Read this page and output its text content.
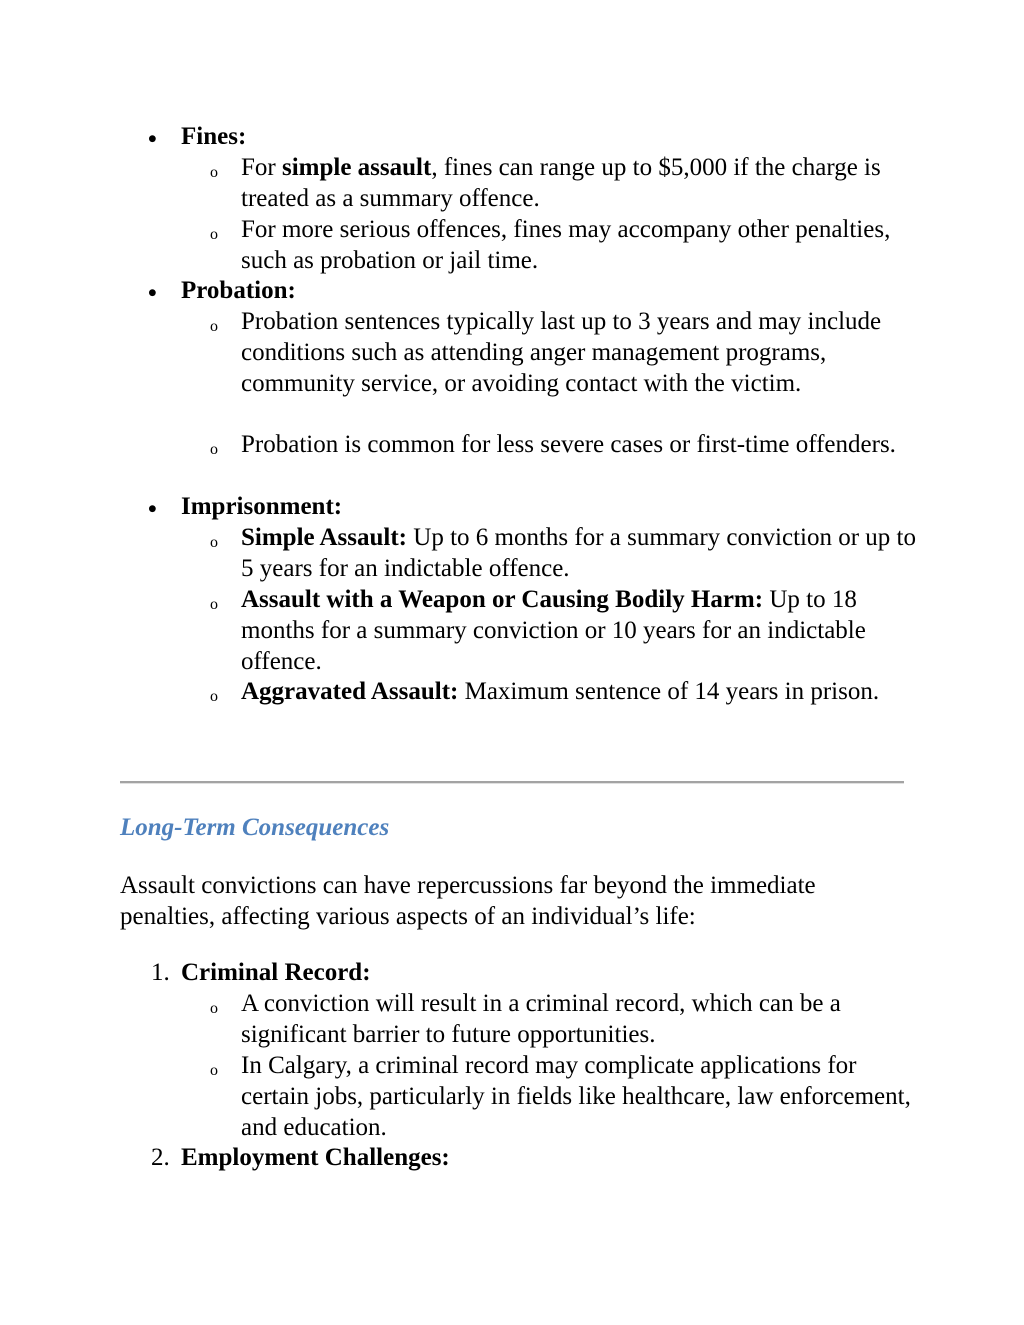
• Fines:
o For simple assault, fines can range up to $5,000 if the charge is treated as a summary offence.
o For more serious offences, fines may accompany other penalties, such as probation or jail time.
• Probation:
o Probation sentences typically last up to 3 years and may include conditions such as attending anger management programs, community service, or avoiding contact with the victim.
o Probation is common for less severe cases or first-time offenders.
• Imprisonment:
o Simple Assault: Up to 6 months for a summary conviction or up to 5 years for an indictable offence.
o Assault with a Weapon or Causing Bodily Harm: Up to 18 months for a summary conviction or 10 years for an indictable offence.
o Aggravated Assault: Maximum sentence of 14 years in prison.
Long-Term Consequences
Assault convictions can have repercussions far beyond the immediate penalties, affecting various aspects of an individual’s life:
1. Criminal Record:
o A conviction will result in a criminal record, which can be a significant barrier to future opportunities.
o In Calgary, a criminal record may complicate applications for certain jobs, particularly in fields like healthcare, law enforcement, and education.
2. Employment Challenges:
